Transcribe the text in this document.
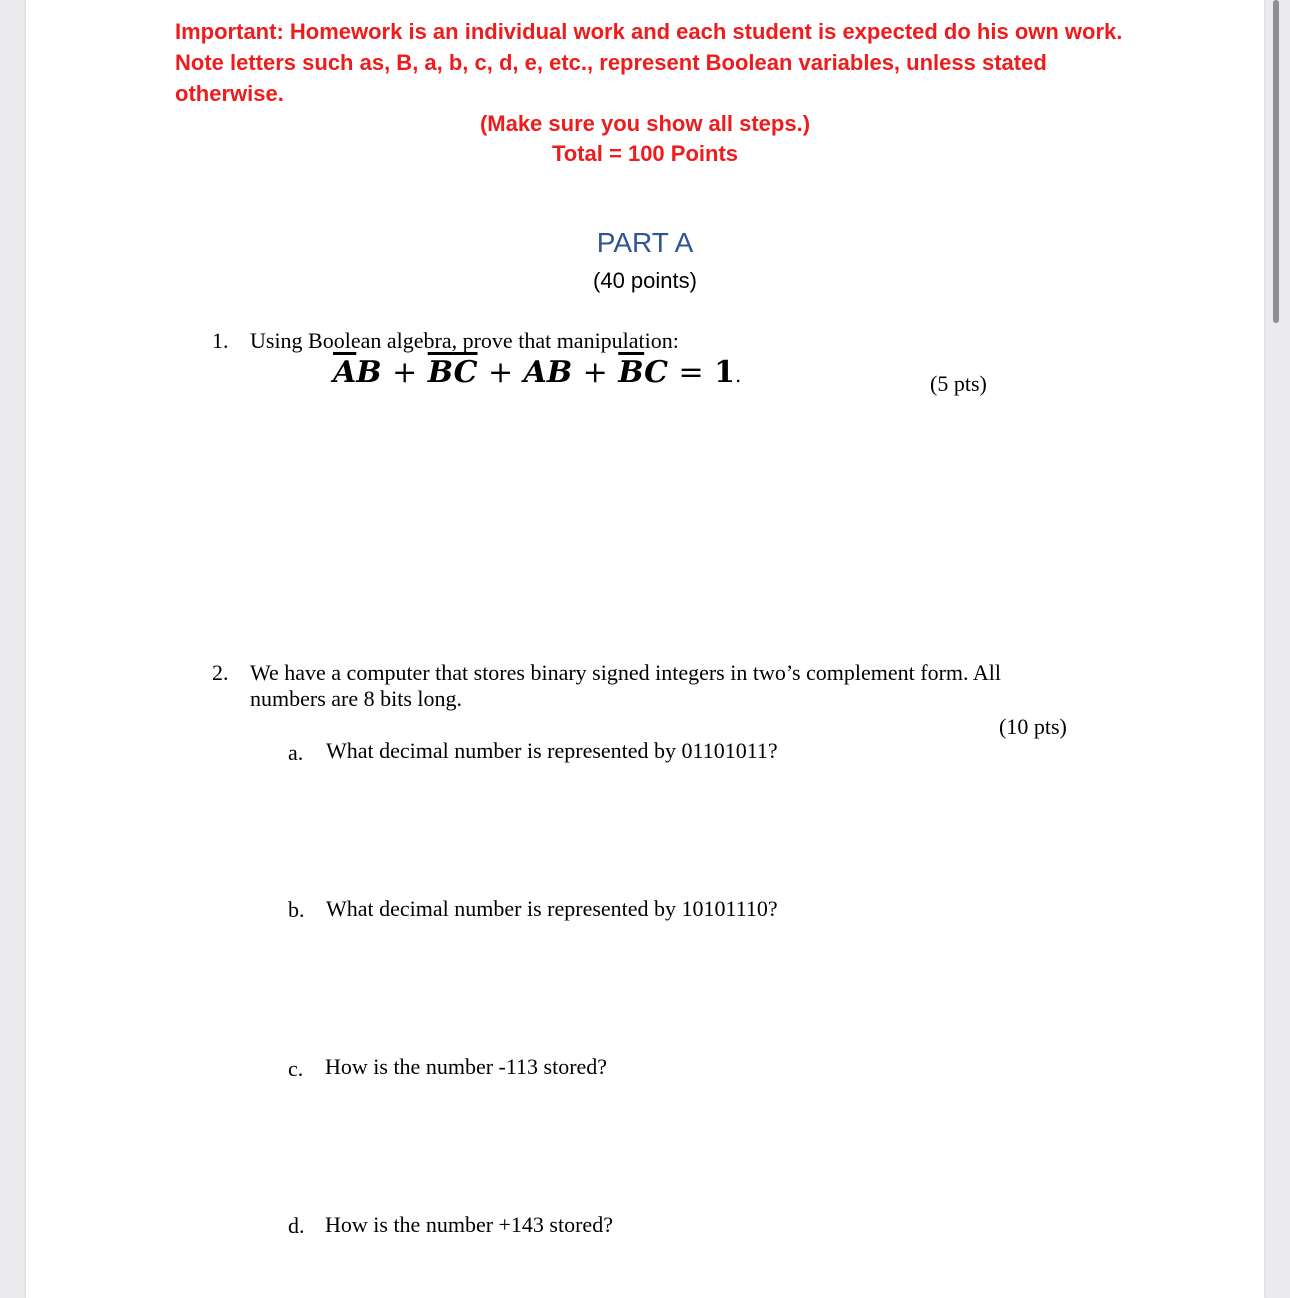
Important: Homework is an individual work and each student is expected do his own work. Note letters such as, B, a, b, c, d, e, etc., represent Boolean variables, unless stated otherwise.
(Make sure you show all steps.)
Total = 100 Points
PART A
(40 points)
1. Using Boolean algebra, prove that manipulation:
$\overline{A}B + \overline{B}\overline{C}$ + AB + $\overline{B}C = 1$.	(5 pts)
2. We have a computer that stores binary signed integers in two’s complement form. All
numbers are 8 bits long.
(10 pts)
a. What decimal number is represented by 01101011?
b. What decimal number is represented by 10101110?
c. How is the number -113 stored?
d. How is the number +143 stored?
